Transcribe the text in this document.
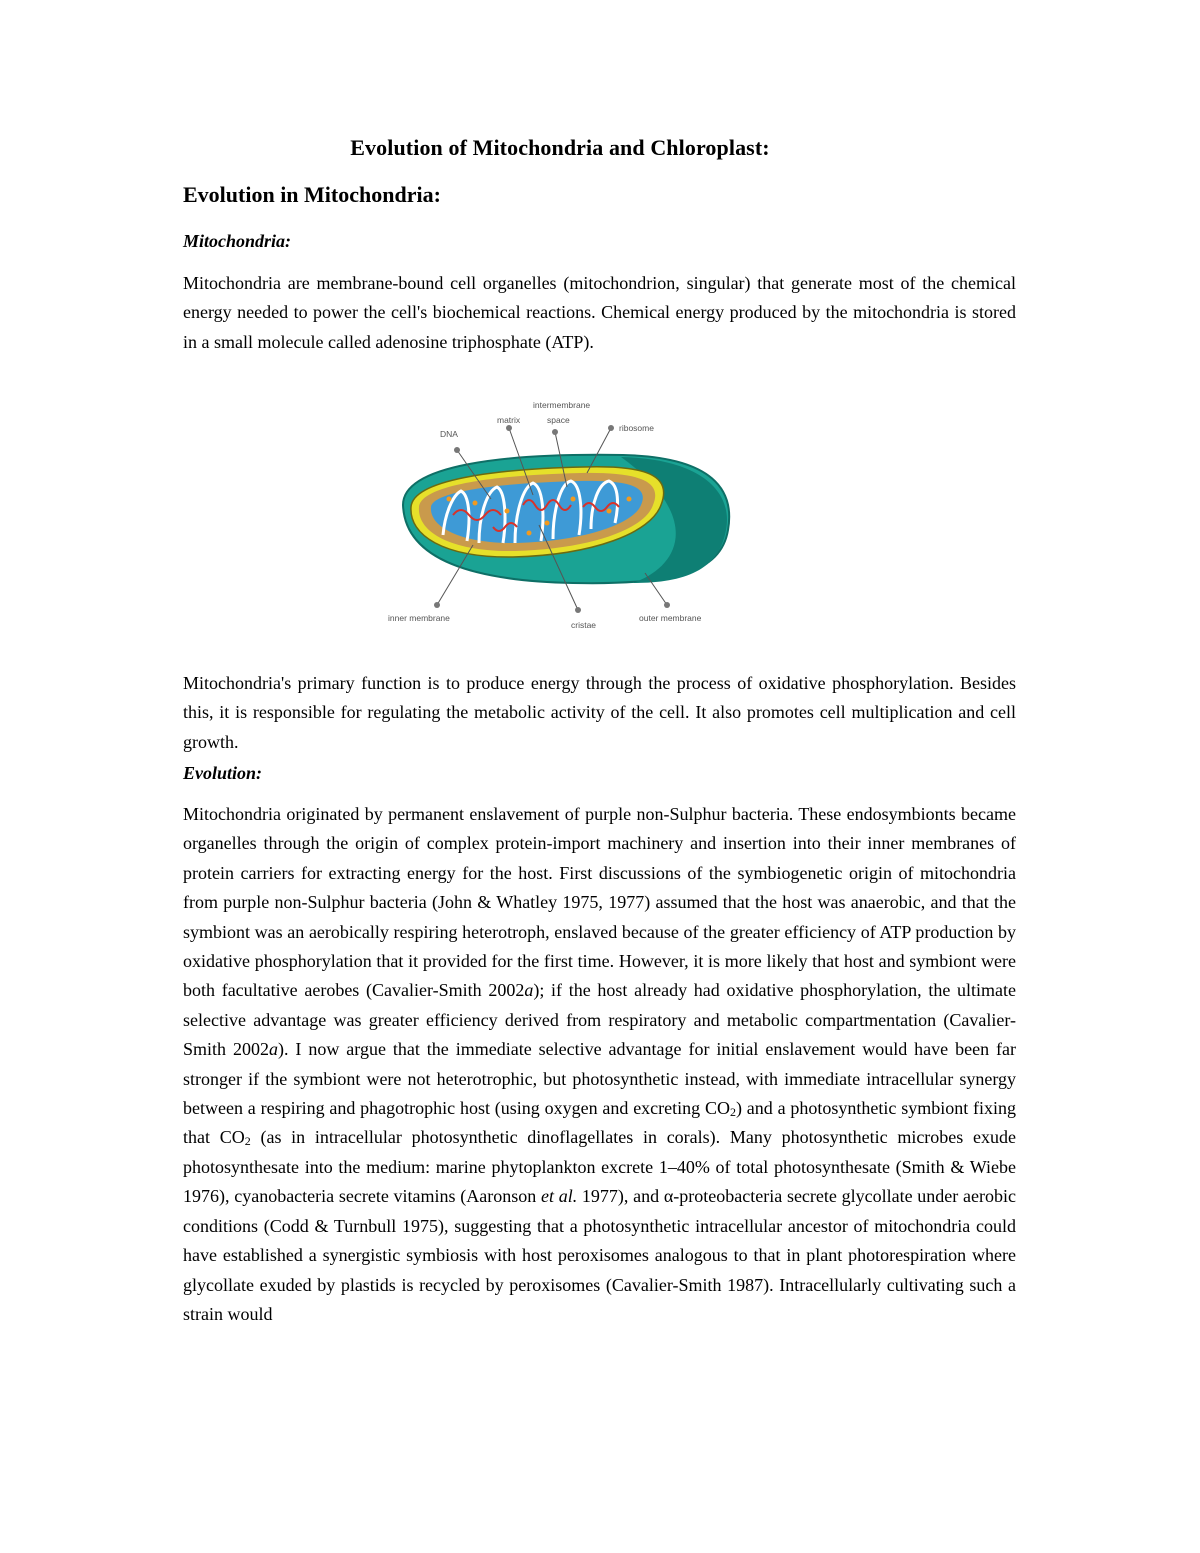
Evolution of Mitochondria and Chloroplast:
Evolution in Mitochondria:
Mitochondria:

Mitochondria are membrane-bound cell organelles (mitochondrion, singular) that generate most of the chemical energy needed to power the cell's biochemical reactions. Chemical energy produced by the mitochondria is stored in a small molecule called adenosine triphosphate (ATP).

DNA
matrix
intermembrane
space
ribosome
inner membrane
cristae
outer membrane

Mitochondria's primary function is to produce energy through the process of oxidative phosphorylation. Besides this, it is responsible for regulating the metabolic activity of the cell. It also promotes cell multiplication and cell growth.

Evolution:

Mitochondria originated by permanent enslavement of purple non-Sulphur bacteria. These endosymbionts became organelles through the origin of complex protein-import machinery and insertion into their inner membranes of protein carriers for extracting energy for the host. First discussions of the symbiogenetic origin of mitochondria from purple non-Sulphur bacteria (John & Whatley 1975, 1977) assumed that the host was anaerobic, and that the symbiont was an aerobically respiring heterotroph, enslaved because of the greater efficiency of ATP production by oxidative phosphorylation that it provided for the first time. However, it is more likely that host and symbiont were both facultative aerobes (Cavalier-Smith 2002a); if the host already had oxidative phosphorylation, the ultimate selective advantage was greater efficiency derived from respiratory and metabolic compartmentation (Cavalier-Smith 2002a). I now argue that the immediate selective advantage for initial enslavement would have been far stronger if the symbiont were not heterotrophic, but photosynthetic instead, with immediate intracellular synergy between a respiring and phagotrophic host (using oxygen and excreting $CO_2$) and a photosynthetic symbiont fixing that $CO_2$ (as in intracellular photosynthetic dinoflagellates in corals). Many photosynthetic microbes exude photosynthesate into the medium: marine phytoplankton excrete 1–40% of total photosynthesate (Smith & Wiebe 1976), cyanobacteria secrete vitamins (Aaronson et al. 1977), and α-proteobacteria secrete glycollate under aerobic conditions (Codd & Turnbull 1975), suggesting that a photosynthetic intracellular ancestor of mitochondria could have established a synergistic symbiosis with host peroxisomes analogous to that in plant photorespiration where glycollate exuded by plastids is recycled by peroxisomes (Cavalier-Smith 1987). Intracellularly cultivating such a strain would
